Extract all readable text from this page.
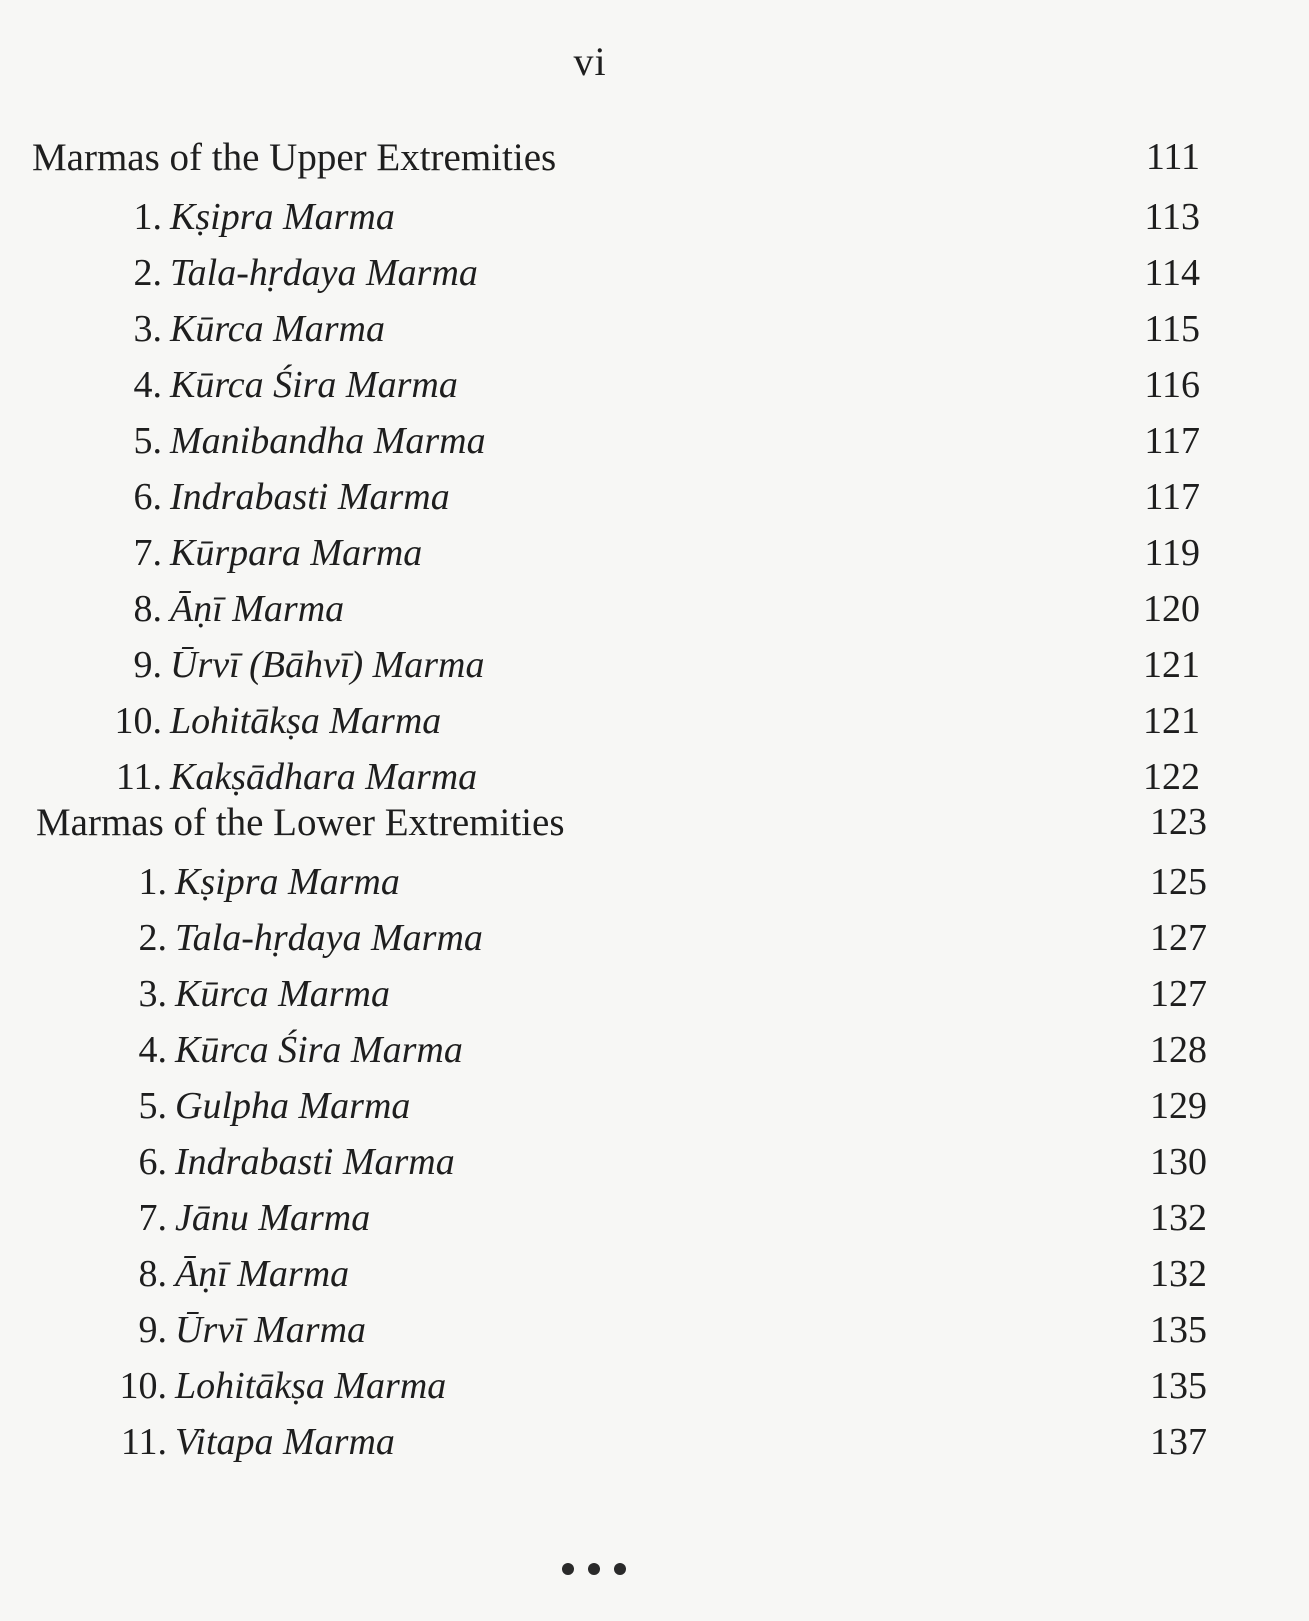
vi
Marmas of the Upper Extremities	111
1. Kṣipra Marma	113
2. Tala-hṛdaya Marma	114
3. Kūrca Marma	115
4. Kūrca Śira Marma	116
5. Manibandha Marma	117
6. Indrabasti Marma	117
7. Kūrpara Marma	119
8. Āṇī Marma	120
9. Ūrvī (Bāhvī) Marma	121
10. Lohitākṣa Marma	121
11. Kakṣādhara Marma	122
Marmas of the Lower Extremities	123
1. Kṣipra Marma	125
2. Tala-hṛdaya Marma	127
3. Kūrca Marma	127
4. Kūrca Śira Marma	128
5. Gulpha Marma	129
6. Indrabasti Marma	130
7. Jānu Marma	132
8. Āṇī Marma	132
9. Ūrvī Marma	135
10. Lohitākṣa Marma	135
11. Vitapa Marma	137
